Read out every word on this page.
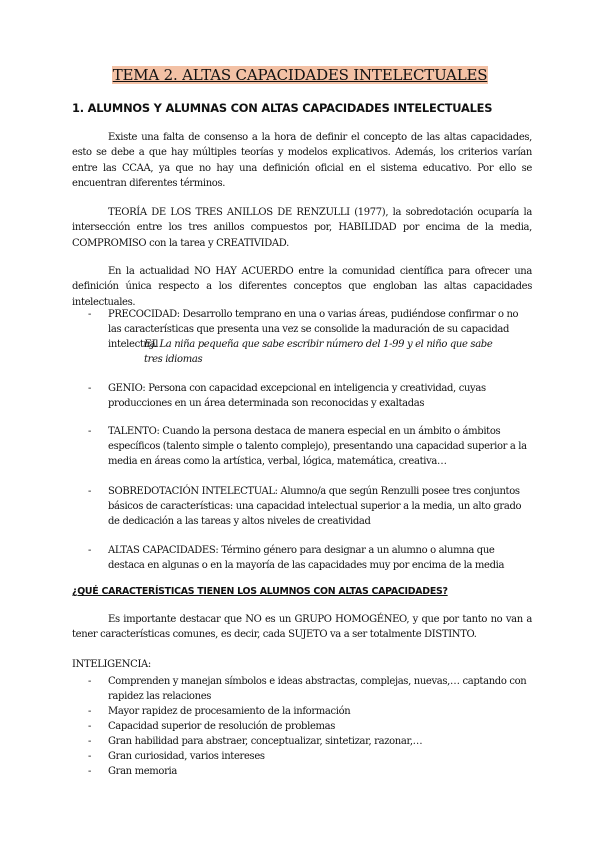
TEMA 2. ALTAS CAPACIDADES INTELECTUALES
1. ALUMNOS Y ALUMNAS CON ALTAS CAPACIDADES INTELECTUALES
Existe una falta de consenso a la hora de definir el concepto de las altas capacidades, esto se debe a que hay múltiples teorías y modelos explicativos. Además, los criterios varían entre las CCAA, ya que no hay una definición oficial en el sistema educativo. Por ello se encuentran diferentes términos.
TEORÍA DE LOS TRES ANILLOS DE RENZULLI (1977), la sobredotación ocuparía la intersección entre los tres anillos compuestos por, HABILIDAD por encima de la media, COMPROMISO con la tarea y CREATIVIDAD.
En la actualidad NO HAY ACUERDO entre la comunidad científica para ofrecer una definición única respecto a los diferentes conceptos que engloban las altas capacidades intelectuales.
-	PRECOCIDAD: Desarrollo temprano en una o varias áreas, pudiéndose confirmar o no las características que presenta una vez se consolide la maduración de su capacidad intelectual
EJ. La niña pequeña que sabe escribir número del 1-99 y el niño que sabe tres idiomas
-	GENIO: Persona con capacidad excepcional en inteligencia y creatividad, cuyas producciones en un área determinada son reconocidas y exaltadas
-	TALENTO: Cuando la persona destaca de manera especial en un ámbito o ámbitos específicos (talento simple o talento complejo), presentando una capacidad superior a la media en áreas como la artística, verbal, lógica, matemática, creativa…
-	SOBREDOTACIÓN INTELECTUAL: Alumno/a que según Renzulli posee tres conjuntos básicos de características: una capacidad intelectual superior a la media, un alto grado de dedicación a las tareas y altos niveles de creatividad
-	ALTAS CAPACIDADES: Término género para designar a un alumno o alumna que destaca en algunas o en la mayoría de las capacidades muy por encima de la media
¿QUÉ CARACTERÍSTICAS TIENEN LOS ALUMNOS CON ALTAS CAPACIDADES?
Es importante destacar que NO es un GRUPO HOMOGÉNEO, y que por tanto no van a tener características comunes, es decir, cada SUJETO va a ser totalmente DISTINTO.
INTELIGENCIA:
- Comprenden y manejan símbolos e ideas abstractas, complejas, nuevas,… captando con rapidez las relaciones
- Mayor rapidez de procesamiento de la información
- Capacidad superior de resolución de problemas
- Gran habilidad para abstraer, conceptualizar, sintetizar, razonar,…
- Gran curiosidad, varios intereses
- Gran memoria
